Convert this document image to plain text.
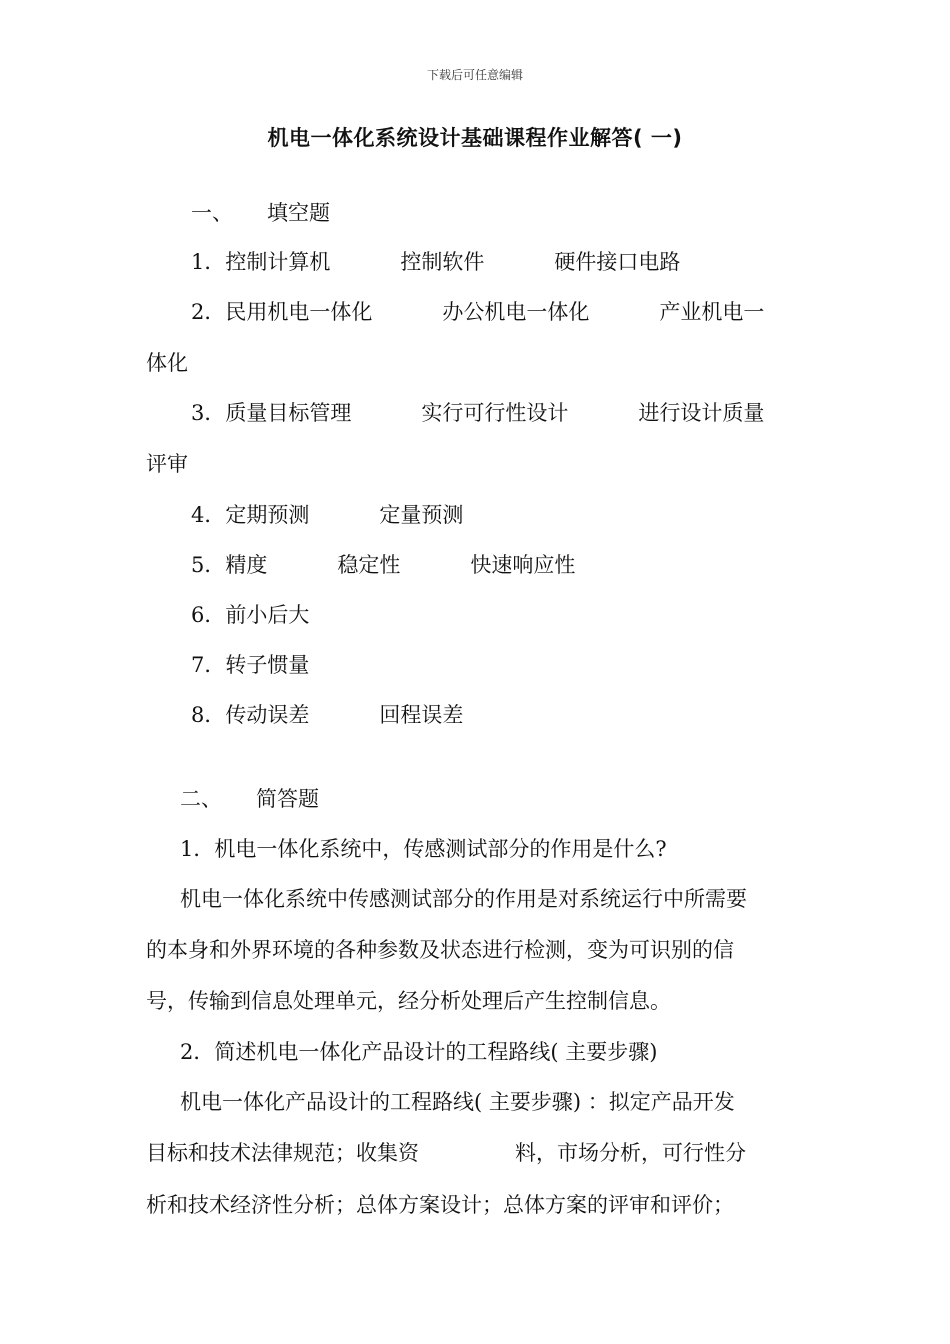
下载后可任意编辑
机电一体化系统设计基础课程作业解答( 一)
一、 填空题
1．控制计算机	控制软件	硬件接口电路
2．民用机电一体化	办公机电一体化	产业机电一
体化
3．质量目标管理	实行可行性设计	进行设计质量
评审
4．定期预测	定量预测
5．精度	稳定性	快速响应性
6．前小后大
7．转子惯量
8．传动误差	回程误差
二、 简答题
1．机电一体化系统中，传感测试部分的作用是什么?
机电一体化系统中传感测试部分的作用是对系统运行中所需要
的本身和外界环境的各种参数及状态进行检测，变为可识别的信
号，传输到信息处理单元，经分析处理后产生控制信息。
2．简述机电一体化产品设计的工程路线( 主要步骤)
机电一体化产品设计的工程路线( 主要步骤) ：拟定产品开发
目标和技术法律规范；收集资	料，市场分析，可行性分
析和技术经济性分析；总体方案设计；总体方案的评审和评价；
